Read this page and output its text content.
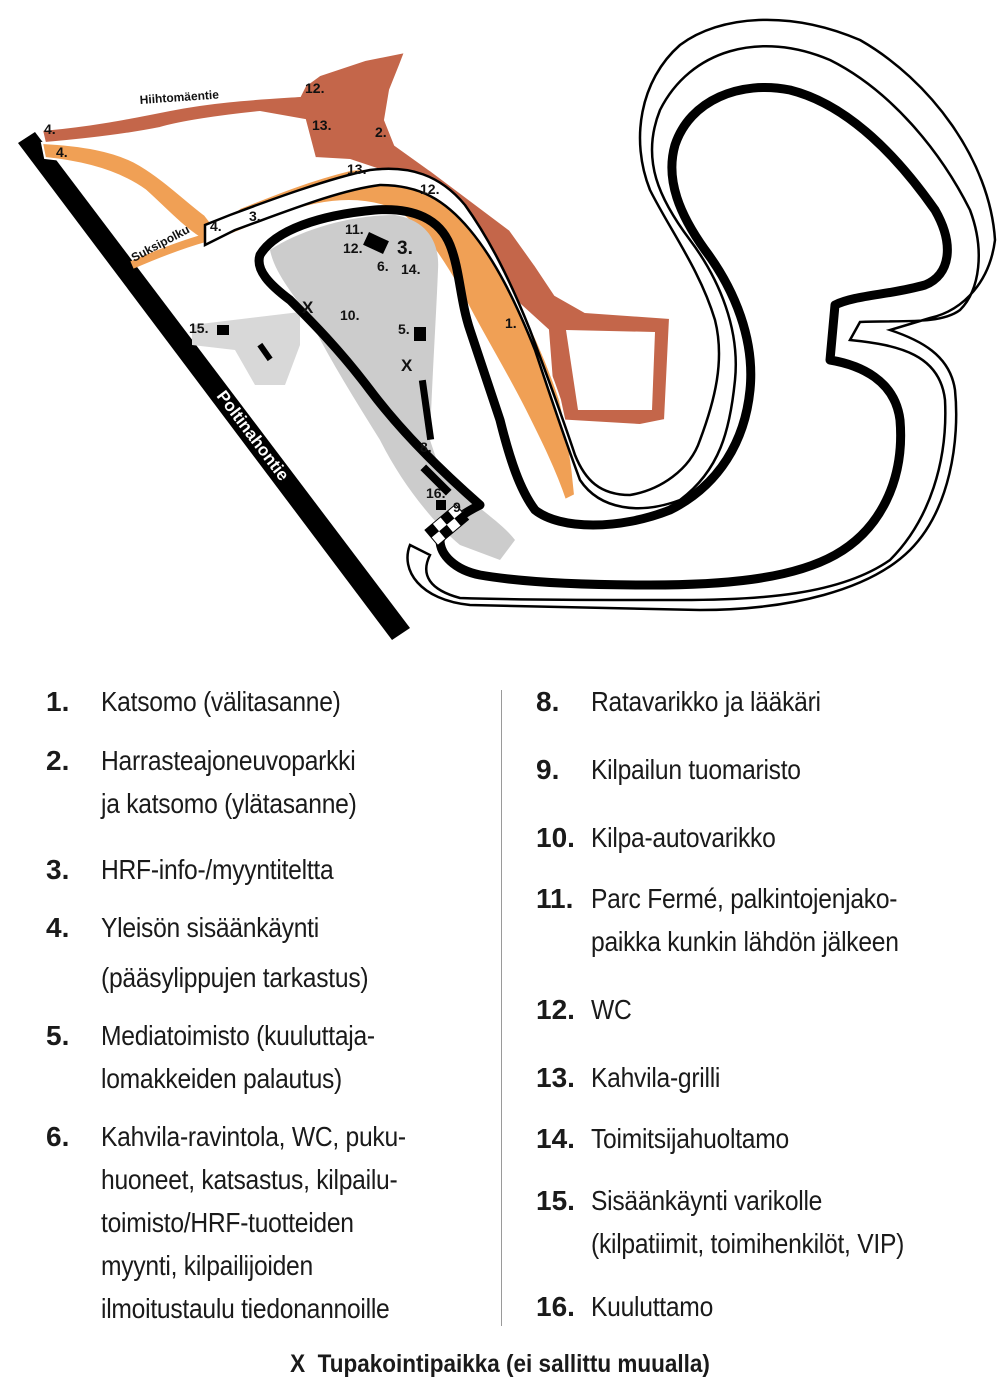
Poltinahontie
Hiihtomäentie
Suksipolku
X
X
4.
4.
4.
3.
12.
13.	2.
13.
12.
11.
12. 3.
6. 14.
10.
5.	1.
15.
8.
16.
9.
1.	Katsomo (välitasanne)
2.	Harrasteajoneuvoparkki
ja katsomo (ylätasanne)
3.	HRF-info-/myyntiteltta
4.	Yleisön sisäänkäynti
(pääsylippujen tarkastus)
5.	Mediatoimisto (kuuluttaja-
lomakkeiden palautus)
6.	Kahvila-ravintola, WC, puku-
huoneet, katsastus, kilpailu-
toimisto/HRF-tuotteiden
myynti, kilpailijoiden
ilmoitustaulu tiedonannoille
8.	Ratavarikko ja lääkäri
9.	Kilpailun tuomaristo
10. Kilpa-autovarikko
11. Parc Fermé, palkintojenjako-
paikka kunkin lähdön jälkeen
12. WC
13. Kahvila-grilli
14. Toimitsijahuoltamo
15. Sisäänkäynti varikolle
(kilpatiimit, toimihenkilöt, VIP)
16. Kuuluttamo
X Tupakointipaikka (ei sallittu muualla)
